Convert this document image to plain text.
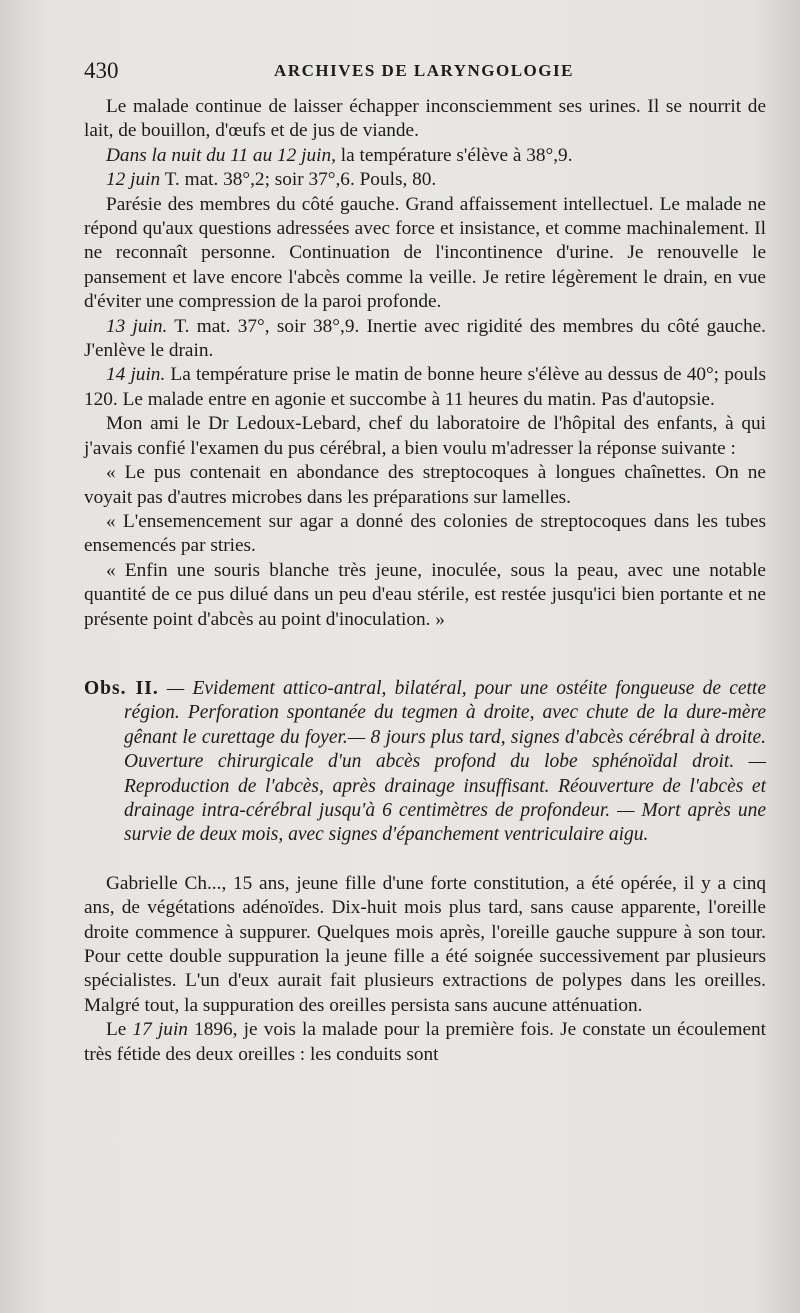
430	ARCHIVES DE LARYNGOLOGIE

Le malade continue de laisser échapper inconsciemment ses urines. Il se nourrit de lait, de bouillon, d'œufs et de jus de viande.

Dans la nuit du 11 au 12 juin, la température s'élève à 38°,9.

12 juin T. mat. 38°,2; soir 37°,6. Pouls, 80.

Parésie des membres du côté gauche. Grand affaissement intellectuel. Le malade ne répond qu'aux questions adressées avec force et insistance, et comme machinalement. Il ne reconnaît personne. Continuation de l'incontinence d'urine. Je renouvelle le pansement et lave encore l'abcès comme la veille. Je retire légèrement le drain, en vue d'éviter une compression de la paroi profonde.

13 juin. T. mat. 37°, soir 38°,9. Inertie avec rigidité des membres du côté gauche. J'enlève le drain.

14 juin. La température prise le matin de bonne heure s'élève au dessus de 40°; pouls 120. Le malade entre en agonie et succombe à 11 heures du matin. Pas d'autopsie.

Mon ami le Dr Ledoux-Lebard, chef du laboratoire de l'hôpital des enfants, à qui j'avais confié l'examen du pus cérébral, a bien voulu m'adresser la réponse suivante :

« Le pus contenait en abondance des streptocoques à longues chaînettes. On ne voyait pas d'autres microbes dans les préparations sur lamelles.

« L'ensemencement sur agar a donné des colonies de streptocoques dans les tubes ensemencés par stries.

« Enfin une souris blanche très jeune, inoculée, sous la peau, avec une notable quantité de ce pus dilué dans un peu d'eau stérile, est restée jusqu'ici bien portante et ne présente point d'abcès au point d'inoculation. »

Obs. II. — Evidement attico-antral, bilatéral, pour une ostéite fongueuse de cette région. Perforation spontanée du tegmen à droite, avec chute de la dure-mère gênant le curettage du foyer.— 8 jours plus tard, signes d'abcès cérébral à droite. Ouverture chirurgicale d'un abcès profond du lobe sphénoïdal droit. — Reproduction de l'abcès, après drainage insuffisant. Réouverture de l'abcès et drainage intra-cérébral jusqu'à 6 centimètres de profondeur. — Mort après une survie de deux mois, avec signes d'épanchement ventriculaire aigu.

Gabrielle Ch..., 15 ans, jeune fille d'une forte constitution, a été opérée, il y a cinq ans, de végétations adénoïdes. Dix-huit mois plus tard, sans cause apparente, l'oreille droite commence à suppurer. Quelques mois après, l'oreille gauche suppure à son tour. Pour cette double suppuration la jeune fille a été soignée successivement par plusieurs spécialistes. L'un d'eux aurait fait plusieurs extractions de polypes dans les oreilles. Malgré tout, la suppuration des oreilles persista sans aucune atténuation.

Le 17 juin 1896, je vois la malade pour la première fois. Je constate un écoulement très fétide des deux oreilles : les conduits sont
